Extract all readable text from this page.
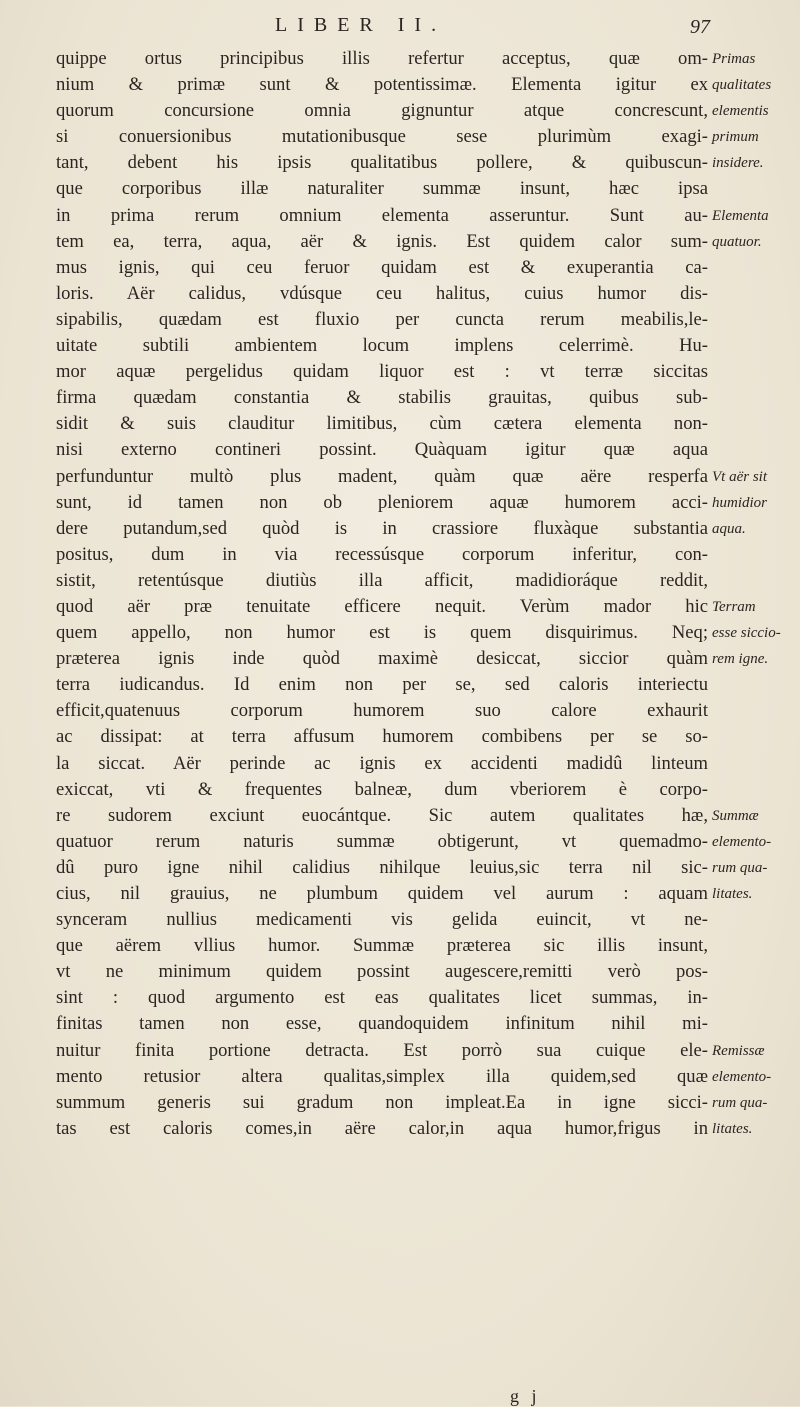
LIBER II.	97
quippe ortus principibus illis refertur acceptus, quæ om-
nium & primæ sunt & potentissimæ. Elementa igitur ex
quorum concursione omnia gignuntur atque concrescunt,
si conuersionibus mutationibusque sese plurimùm exagi-
tant, debent his ipsis qualitatibus pollere, & quibuscun-
que corporibus illæ naturaliter summæ insunt, hæc ipsa
in prima rerum omnium elementa asseruntur. Sunt au-
tem ea, terra, aqua, aër & ignis. Est quidem calor sum-
mus ignis, qui ceu feruor quidam est & exuperantia ca-
loris. Aër calidus, vdúsque ceu halitus, cuius humor dis-
sipabilis, quædam est fluxio per cuncta rerum meabilis,le-
uitate subtili ambientem locum implens celerrimè. Hu-
mor aquæ pergelidus quidam liquor est : vt terræ siccitas
firma quædam constantia & stabilis grauitas, quibus sub-
sidit & suis clauditur limitibus, cùm cætera elementa non-
nisi externo contineri possint. Quàquam igitur quæ aqua
perfunduntur multò plus madent, quàm quæ aëre resperfa
sunt, id tamen non ob pleniorem aquæ humorem acci-
dere putandum,sed quòd is in crassiore fluxàque substantia
positus, dum in via recessúsque corporum inferitur, con-
sistit, retentúsque diutiùs illa afficit, madidioráque reddit,
quod aër præ tenuitate efficere nequit. Verùm mador hic
quem appello, non humor est is quem disquirimus. Neq;
præterea ignis inde quòd maximè desiccat, siccior quàm
terra iudicandus. Id enim non per se, sed caloris interiectu
efficit,quatenuus corporum humorem suo calore exhaurit
ac dissipat: at terra affusum humorem combibens per se so-
la siccat. Aër perinde ac ignis ex accidenti madidû linteum
exiccat, vti & frequentes balneæ, dum vberiorem è corpo-
re sudorem exciunt euocántque. Sic autem qualitates hæ,
quatuor rerum naturis summæ obtigerunt, vt quemadmo-
dû puro igne nihil calidius nihilque leuius,sic terra nil sic-
cius, nil grauius, ne plumbum quidem vel aurum : aquam
synceram nullius medicamenti vis gelida euincit, vt ne-
que aërem vllius humor. Summæ præterea sic illis insunt,
vt ne minimum quidem possint augescere,remitti verò pos-
sint : quod argumento est eas qualitates licet summas, in-
finitas tamen non esse, quandoquidem infinitum nihil mi-
nuitur finita portione detracta. Est porrò sua cuique ele-
mento retusior altera qualitas,simplex illa quidem,sed quæ
summum generis sui gradum non impleat.Ea in igne sicci-
tas est caloris comes,in aëre calor,in aqua humor,frigus in
Primas
qualitates
elementis
primum
insidere.
Elementa
quatuor.
Vt aër sit
humidior
aqua.
Terram
esse siccio-
rem igne.
Summæ
elemento-
rum qua-
litates.
Remissæ
elemento-
rum qua-
litates.
g j
